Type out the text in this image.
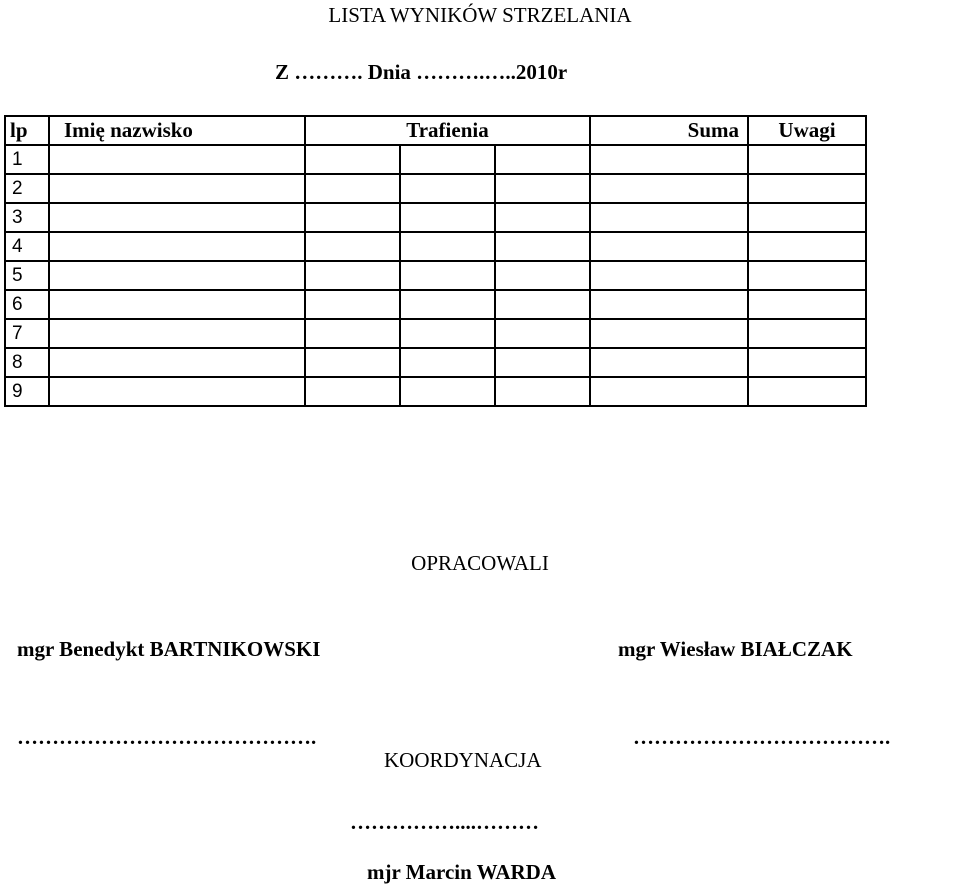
LISTA WYNIKÓW STRZELANIA
Z ………. Dnia ……….…..2010r
lp	Imię nazwisko	Trafienia			Suma	Uwagi
1						
2						
3						
4						
5						
6						
7						
8						
9						
OPRACOWALI
mgr Benedykt BARTNIKOWSKI	mgr Wiesław BIAŁCZAK
…………………………………….	……………………………….
KOORDYNACJA
……………....………
mjr Marcin WARDA
